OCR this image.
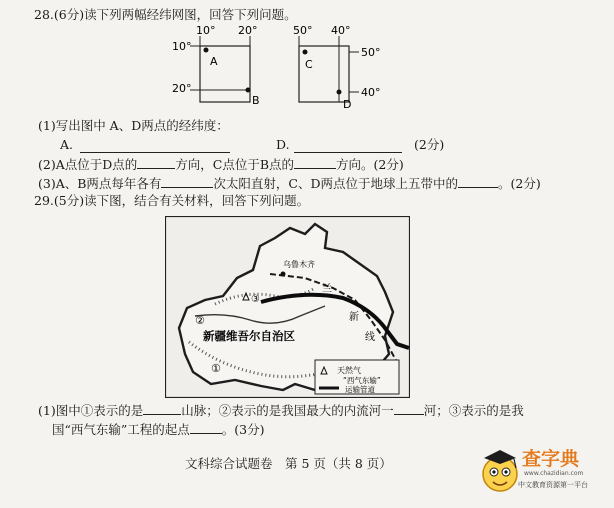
28.(6分)读下列两幅经纬网图，回答下列问题。
10° 20°
10°
20°
A
B
50° 40°
50°
40°
C
D
(1)写出图中 A、D两点的经纬度：
A.	D.	(2分)
(2)A点位于D点的	方向，C点位于B点的	方向。(2分)
(3)A、B两点每年各有	次太阳直射，C、D两点位于地球上五带中的	。(2分)
29.(5分)读下图，结合有关材料，回答下列问题。
乌鲁木齐
③
②
①
新疆维吾尔自治区
兰
新
线
天然气
“西气东输”
运输管道
(1)图中①表示的是	山脉；②表示的是我国最大的内流河一 河；③表示的是我
国“西气东输”工程的起点	。(3分)
文科综合试题卷　第 5 页（共 8 页）	查字典
www.chazidian.com
中文教育资源第一平台
